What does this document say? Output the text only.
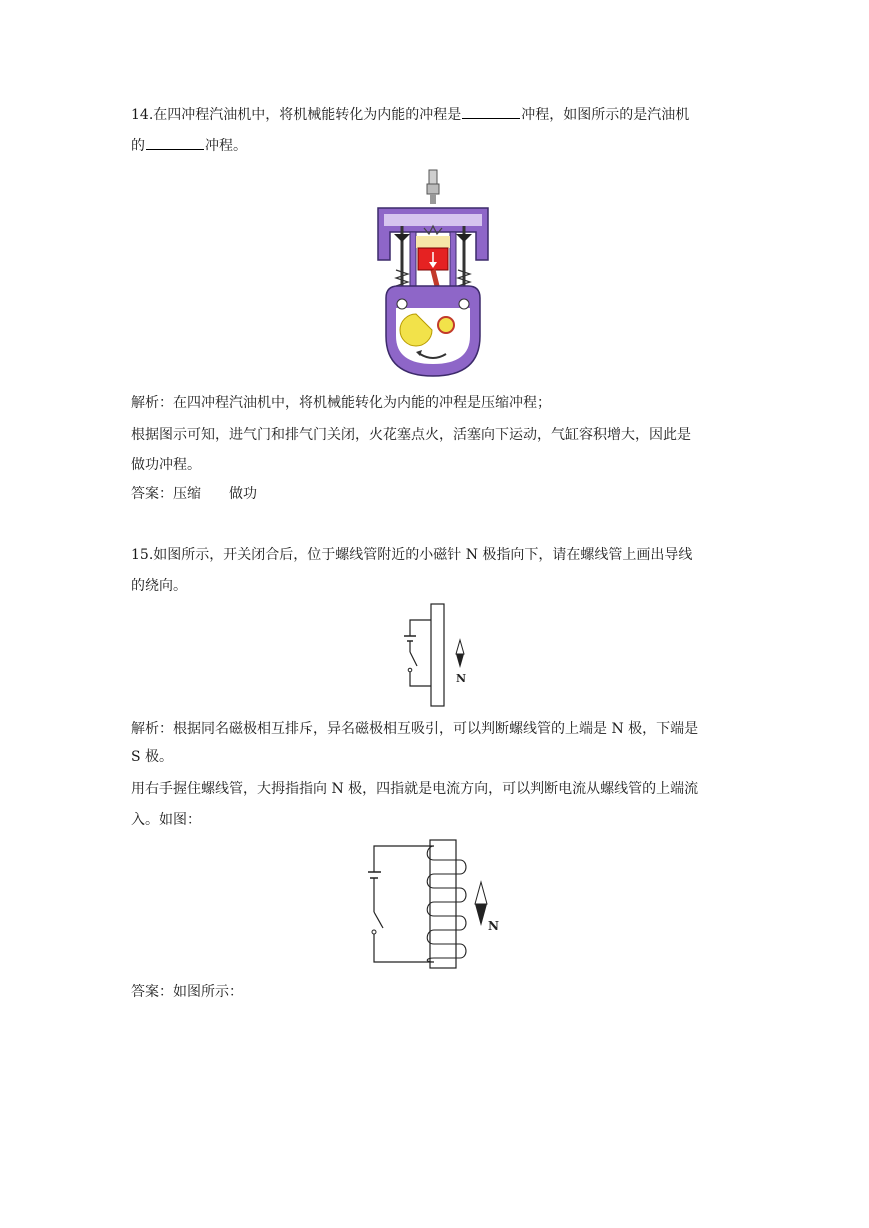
14.在四冲程汽油机中，将机械能转化为内能的冲程是	冲程，如图所示的是汽油机
的	冲程。
解析：在四冲程汽油机中，将机械能转化为内能的冲程是压缩冲程；
根据图示可知，进气门和排气门关闭，火花塞点火，活塞向下运动，气缸容积增大，因此是
做功冲程。
答案：压缩　　做功
15.如图所示，开关闭合后，位于螺线管附近的小磁针 N 极指向下，请在螺线管上画出导线
的绕向。
N
解析：根据同名磁极相互排斥，异名磁极相互吸引，可以判断螺线管的上端是 N 极，下端是
S 极。
用右手握住螺线管，大拇指指向 N 极，四指就是电流方向，可以判断电流从螺线管的上端流
入。如图：
N
答案：如图所示：
